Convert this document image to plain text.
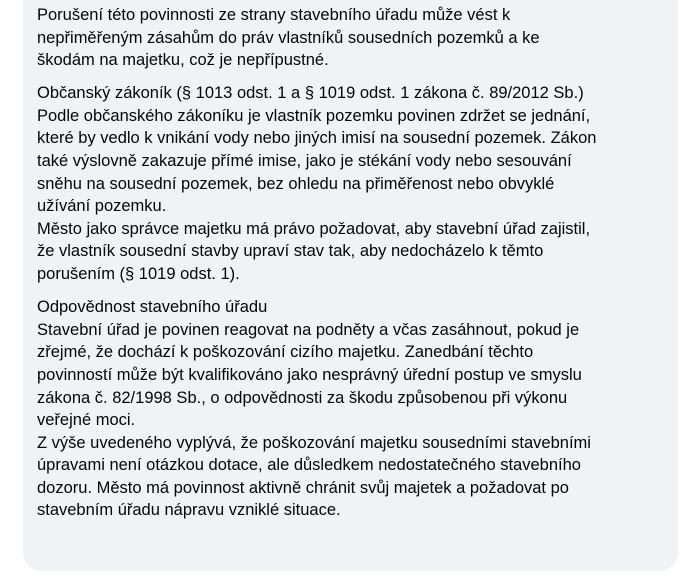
Porušení této povinnosti ze strany stavebního úřadu může vést k
nepřiměřeným zásahům do práv vlastníků sousedních pozemků a ke
škodám na majetku, což je nepřípustné.

Občanský zákoník (§ 1013 odst. 1 a § 1019 odst. 1 zákona č. 89/2012 Sb.)
Podle občanského zákoníku je vlastník pozemku povinen zdržet se jednání,
které by vedlo k vnikání vody nebo jiných imisí na sousední pozemek. Zákon
také výslovně zakazuje přímé imise, jako je stékání vody nebo sesouvání
sněhu na sousední pozemek, bez ohledu na přiměřenost nebo obvyklé
užívání pozemku.
Město jako správce majetku má právo požadovat, aby stavební úřad zajistil,
že vlastník sousední stavby upraví stav tak, aby nedocházelo k těmto
porušením (§ 1019 odst. 1).

Odpovědnost stavebního úřadu
Stavební úřad je povinen reagovat na podněty a včas zasáhnout, pokud je
zřejmé, že dochází k poškozování cizího majetku. Zanedbání těchto
povinností může být kvalifikováno jako nesprávný úřední postup ve smyslu
zákona č. 82/1998 Sb., o odpovědnosti za škodu způsobenou při výkonu
veřejné moci.
Z výše uvedeného vyplývá, že poškozování majetku sousedními stavebními
úpravami není otázkou dotace, ale důsledkem nedostatečného stavebního
dozoru. Město má povinnost aktivně chránit svůj majetek a požadovat po
stavebním úřadu nápravu vzniklé situace.
